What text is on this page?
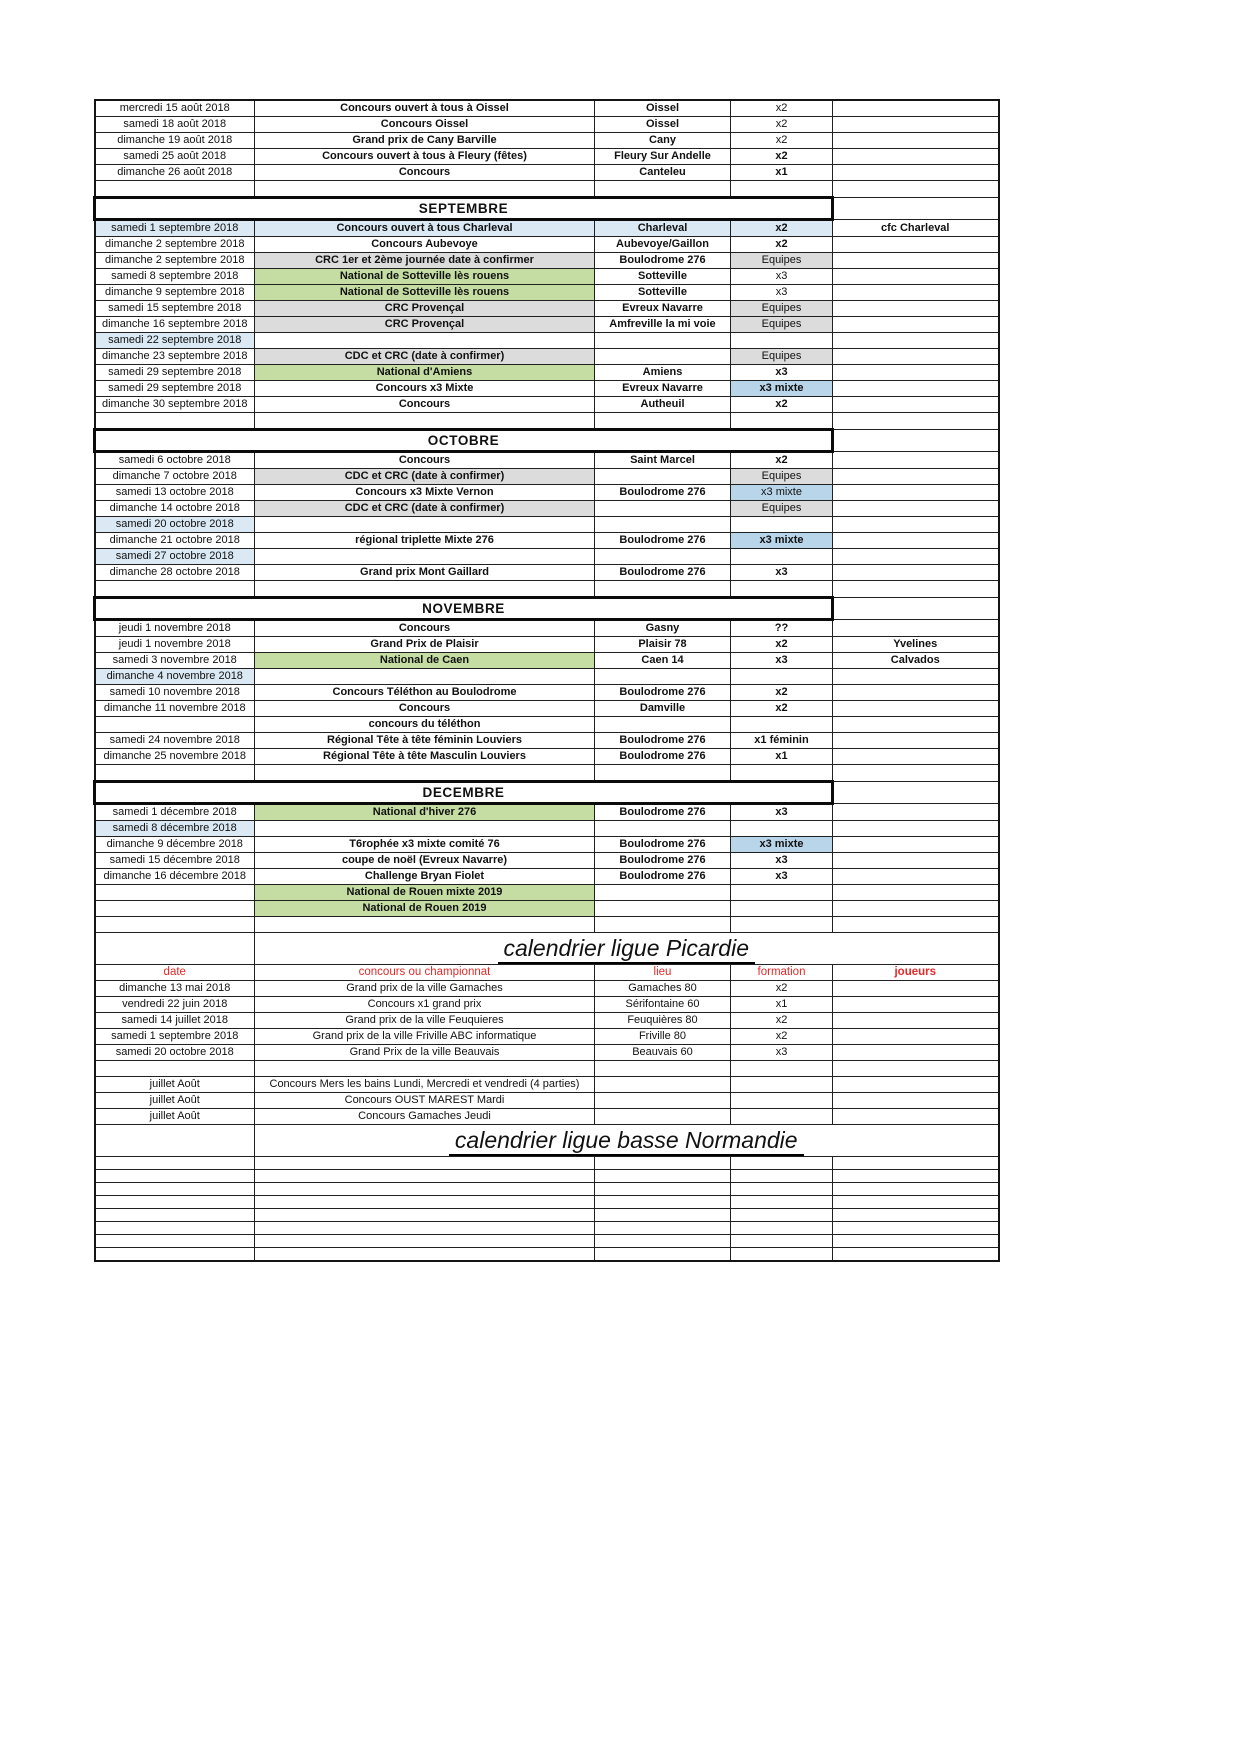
mercredi 15 août 2018	Concours ouvert à tous à Oissel	Oissel	x2	
samedi 18 août 2018	Concours Oissel	Oissel	x2	
dimanche 19 août 2018	Grand prix de Cany Barville	Cany	x2	
samedi 25 août 2018	Concours ouvert à tous à Fleury (fêtes)	Fleury Sur Andelle	x2	
dimanche 26 août 2018	Concours	Canteleu	x1	

SEPTEMBRE				
samedi 1 septembre 2018	Concours ouvert à tous Charleval	Charleval	x2	cfc Charleval
dimanche 2 septembre 2018	Concours Aubevoye	Aubevoye/Gaillon	x2	
dimanche 2 septembre 2018	CRC 1er et 2ème journée date à confirmer	Boulodrome 276	Equipes	
samedi 8 septembre 2018	National de Sotteville lès rouens	Sotteville	x3	
dimanche 9 septembre 2018	National de Sotteville lès rouens	Sotteville	x3	
samedi 15 septembre 2018	CRC Provençal	Evreux Navarre	Equipes	
dimanche 16 septembre 2018	CRC Provençal	Amfreville la mi voie	Equipes	
samedi 22 septembre 2018				
dimanche 23 septembre 2018	CDC et CRC (date à confirmer)		Equipes	
samedi 29 septembre 2018	National d'Amiens	Amiens	x3	
samedi 29 septembre 2018	Concours x3 Mixte	Evreux Navarre	x3 mixte	
dimanche 30 septembre 2018	Concours	Autheuil	x2	

OCTOBRE				
samedi 6 octobre 2018	Concours	Saint Marcel	x2	
dimanche 7 octobre 2018	CDC et CRC (date à confirmer)		Equipes	
samedi 13 octobre 2018	Concours x3 Mixte Vernon	Boulodrome 276	x3 mixte	
dimanche 14 octobre 2018	CDC et CRC (date à confirmer)		Equipes	
samedi 20 octobre 2018				
dimanche 21 octobre 2018	régional triplette Mixte 276	Boulodrome 276	x3 mixte	
samedi 27 octobre 2018				
dimanche 28 octobre 2018	Grand prix Mont Gaillard	Boulodrome 276	x3	

NOVEMBRE				
jeudi 1 novembre 2018	Concours	Gasny	??	
jeudi 1 novembre 2018	Grand Prix de Plaisir	Plaisir 78	x2	Yvelines
samedi 3 novembre 2018	National de Caen	Caen 14	x3	Calvados
dimanche 4 novembre 2018				
samedi 10 novembre 2018	Concours Téléthon au Boulodrome	Boulodrome 276	x2	
dimanche 11 novembre 2018	Concours	Damville	x2	
	concours du téléthon			
samedi 24 novembre 2018	Régional Tête à tête féminin Louviers	Boulodrome 276	x1 féminin	
dimanche 25 novembre 2018	Régional Tête à tête Masculin Louviers	Boulodrome 276	x1	

DECEMBRE				
samedi 1 décembre 2018	National d'hiver 276	Boulodrome 276	x3	
samedi 8 décembre 2018				
dimanche 9 décembre 2018	T6rophée x3 mixte comité 76	Boulodrome 276	x3 mixte	
samedi 15 décembre 2018	coupe de noël (Evreux Navarre)	Boulodrome 276	x3	
dimanche 16 décembre 2018	Challenge Bryan Fiolet	Boulodrome 276	x3	
	National de Rouen mixte 2019			
	National de Rouen 2019			

	calendrier ligue Picardie			
date	concours ou championnat	lieu	formation	joueurs
dimanche 13 mai 2018	Grand prix de la ville Gamaches	Gamaches 80	x2	
vendredi 22 juin 2018	Concours x1 grand prix	Sérifontaine 60	x1	
samedi 14 juillet 2018	Grand prix de la ville Feuquieres	Feuquières 80	x2	
samedi 1 septembre 2018	Grand prix de la ville Friville ABC informatique	Friville 80	x2	
samedi 20 octobre 2018	Grand Prix de la ville Beauvais	Beauvais 60	x3	

juillet Août	Concours Mers les bains Lundi, Mercredi et vendredi (4 parties)			
juillet Août	Concours OUST MAREST Mardi			
juillet Août	Concours Gamaches Jeudi			
	calendrier ligue basse Normandie			
